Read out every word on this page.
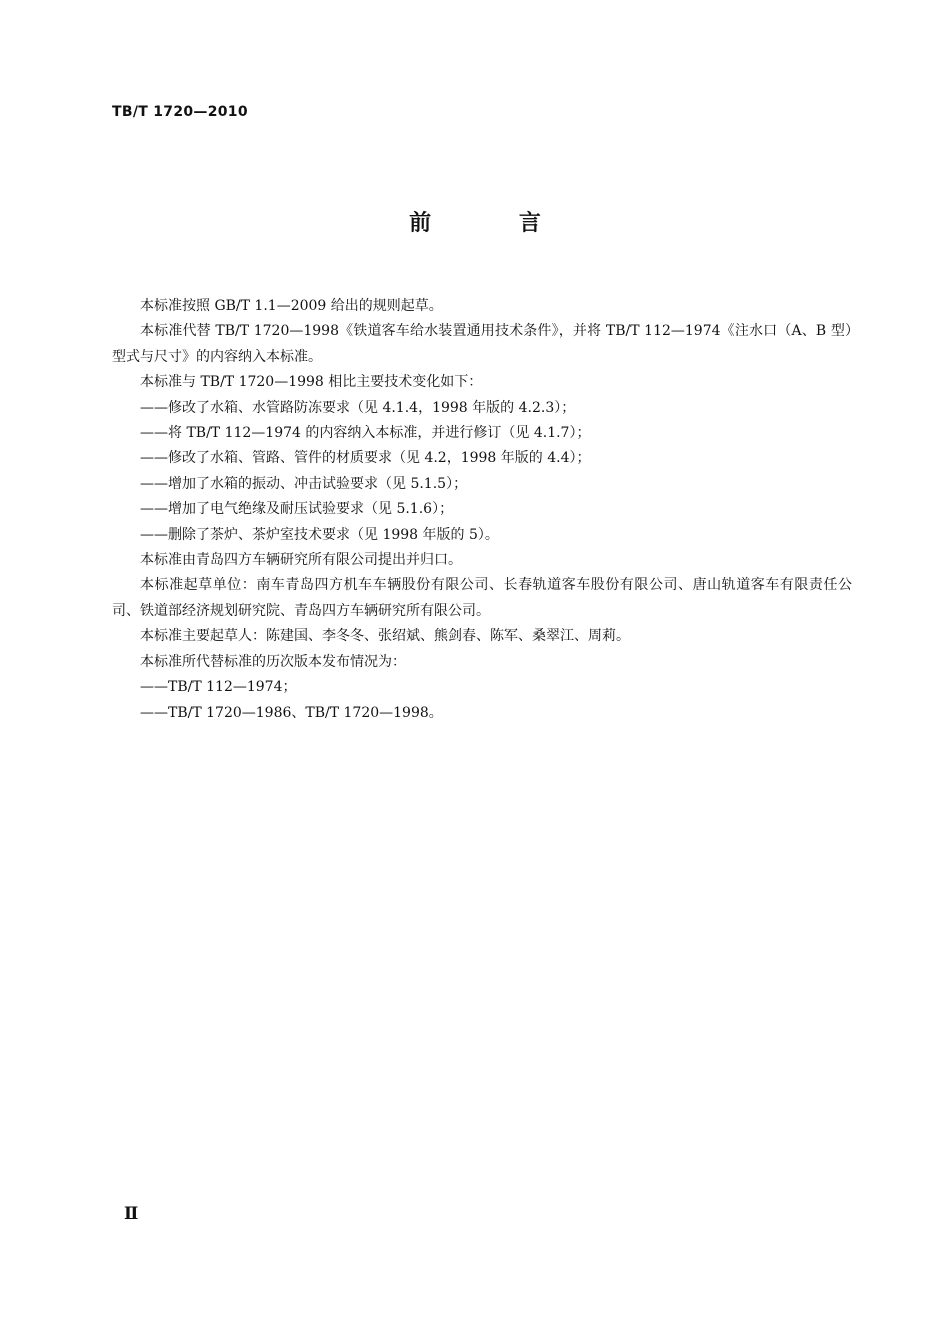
TB/T 1720—2010
前 言

本标准按照 GB/T 1.1—2009 给出的规则起草。

本标准代替 TB/T 1720—1998《铁道客车给水装置通用技术条件》，并将 TB/T 112—1974《注水口（A、B 型）型式与尺寸》的内容纳入本标准。

本标准与 TB/T 1720—1998 相比主要技术变化如下：

——修改了水箱、水管路防冻要求（见 4.1.4，1998 年版的 4.2.3）；

——将 TB/T 112—1974 的内容纳入本标准，并进行修订（见 4.1.7）；

——修改了水箱、管路、管件的材质要求（见 4.2，1998 年版的 4.4）；

——增加了水箱的振动、冲击试验要求（见 5.1.5）；

——增加了电气绝缘及耐压试验要求（见 5.1.6）；

——删除了茶炉、茶炉室技术要求（见 1998 年版的 5）。

本标准由青岛四方车辆研究所有限公司提出并归口。

本标准起草单位：南车青岛四方机车车辆股份有限公司、长春轨道客车股份有限公司、唐山轨道客车有限责任公司、铁道部经济规划研究院、青岛四方车辆研究所有限公司。

本标准主要起草人：陈建国、李冬冬、张绍斌、熊剑春、陈军、桑翠江、周莉。

本标准所代替标准的历次版本发布情况为：

——TB/T 112—1974；

——TB/T 1720—1986、TB/T 1720—1998。

Ⅱ
